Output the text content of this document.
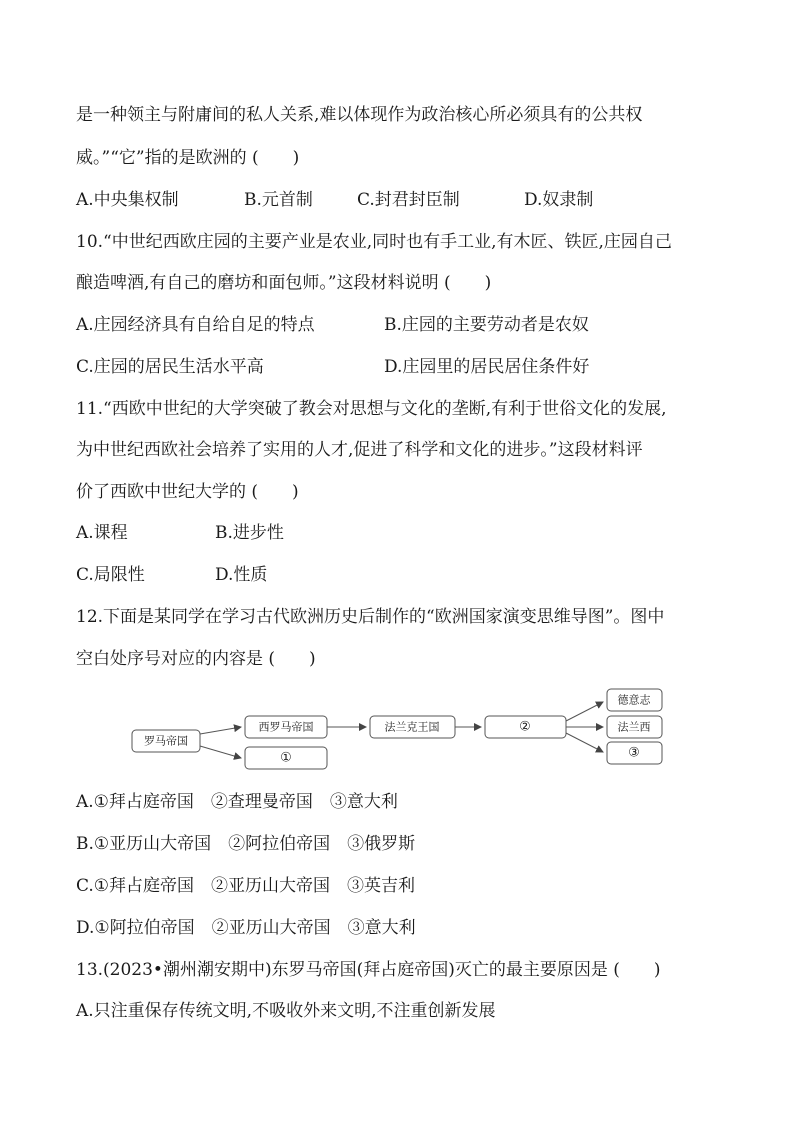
是一种领主与附庸间的私人关系,难以体现作为政治核心所必须具有的公共权
威。”“它”指的是欧洲的 (　　)
A.中央集权制	B.元首制	C.封君封臣制	D.奴隶制
10.“中世纪西欧庄园的主要产业是农业,同时也有手工业,有木匠、铁匠,庄园自己
酿造啤酒,有自己的磨坊和面包师。”这段材料说明 (　　)
A.庄园经济具有自给自足的特点	B.庄园的主要劳动者是农奴
C.庄园的居民生活水平高	D.庄园里的居民居住条件好
11.“西欧中世纪的大学突破了教会对思想与文化的垄断,有利于世俗文化的发展,
为中世纪西欧社会培养了实用的人才,促进了科学和文化的进步。”这段材料评
价了西欧中世纪大学的 (　　)
A.课程	B.进步性
C.局限性	D.性质
12.下面是某同学在学习古代欧洲历史后制作的“欧洲国家演变思维导图”。图中
空白处序号对应的内容是 (　　)
罗马帝国
西罗马帝国
①
法兰克王国	②
德意志
法兰西
③
A.①拜占庭帝国　②查理曼帝国　③意大利
B.①亚历山大帝国　②阿拉伯帝国　③俄罗斯
C.①拜占庭帝国　②亚历山大帝国　③英吉利
D.①阿拉伯帝国　②亚历山大帝国　③意大利
13.(2023•潮州潮安期中)东罗马帝国(拜占庭帝国)灭亡的最主要原因是 (　　)
A.只注重保存传统文明,不吸收外来文明,不注重创新发展
